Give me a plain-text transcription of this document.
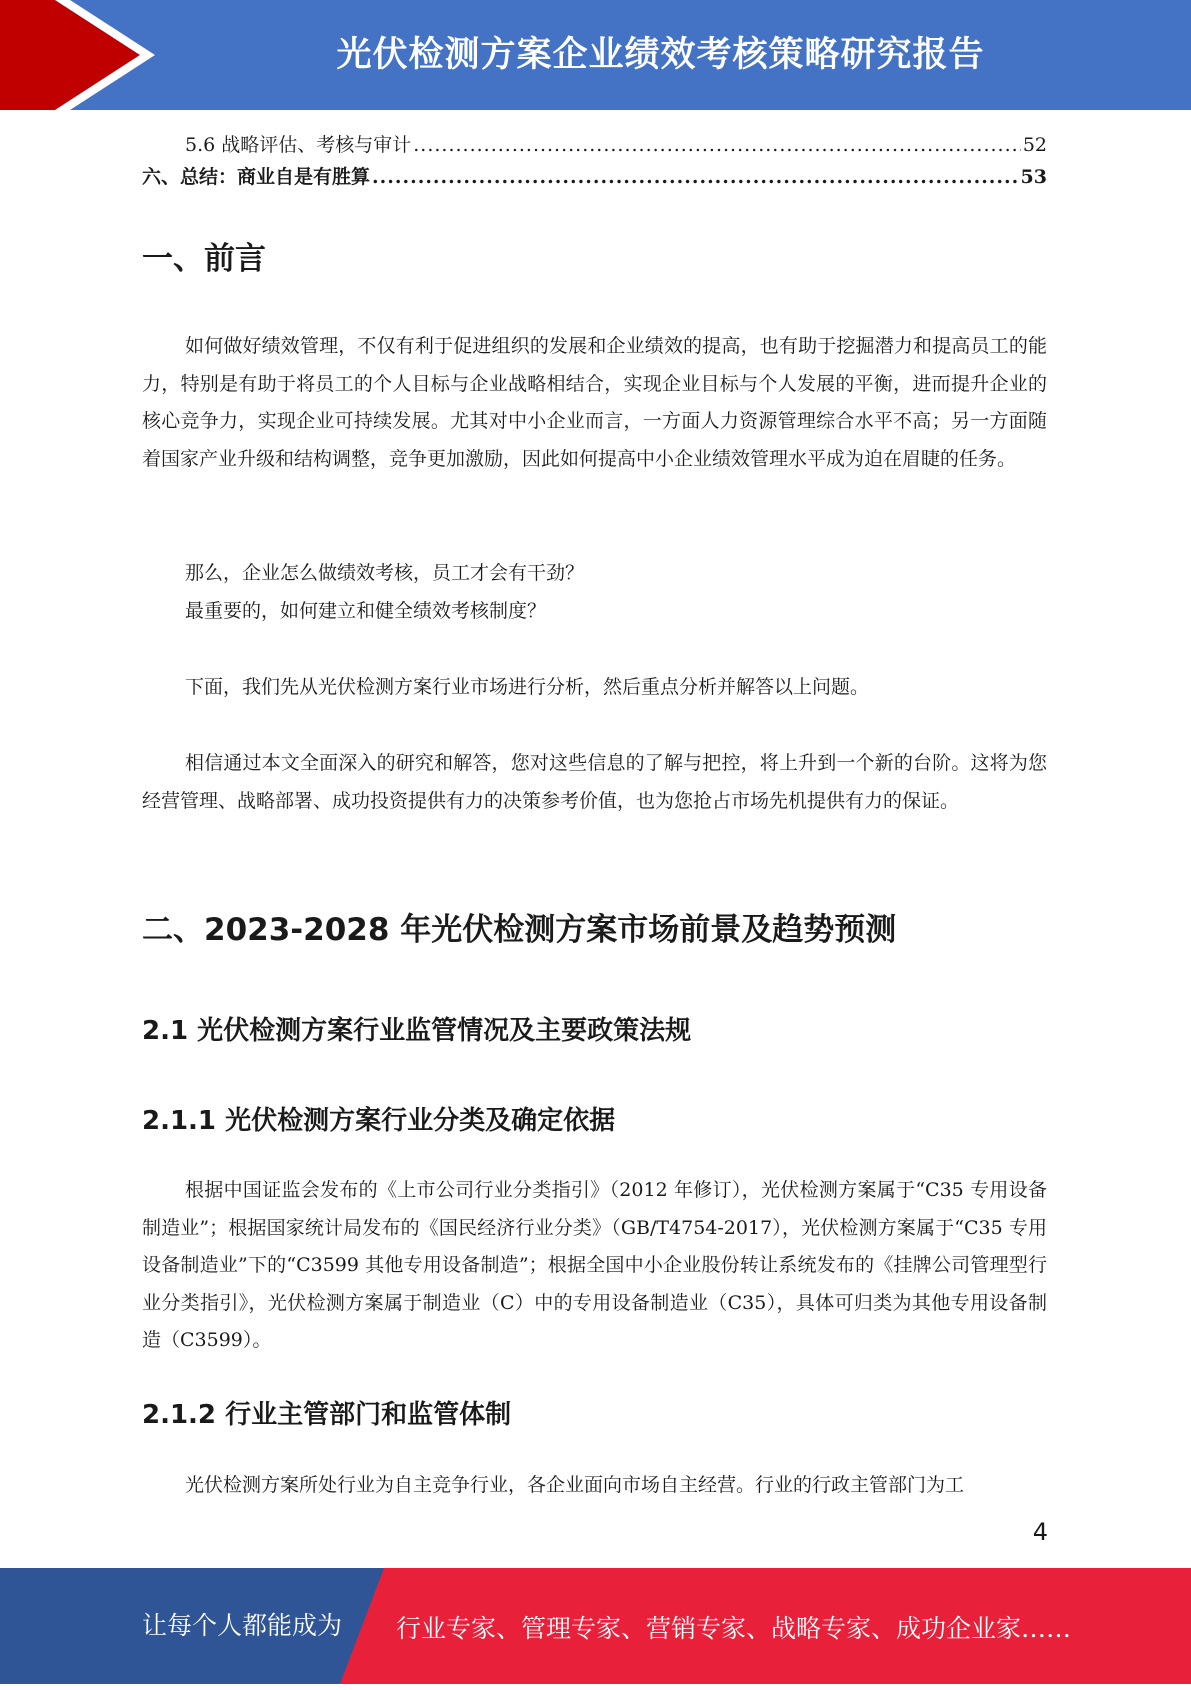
光伏检测方案企业绩效考核策略研究报告
5.6 战略评估、考核与审计 .....	52
六、总结：商业自是有胜算 .....	53
一、前言
如何做好绩效管理，不仅有利于促进组织的发展和企业绩效的提高，也有助于挖掘潜力和提高员工的能力，特别是有助于将员工的个人目标与企业战略相结合，实现企业目标与个人发展的平衡，进而提升企业的核心竞争力，实现企业可持续发展。尤其对中小企业而言，一方面人力资源管理综合水平不高；另一方面随着国家产业升级和结构调整，竞争更加激励，因此如何提高中小企业绩效管理水平成为迫在眉睫的任务。
那么，企业怎么做绩效考核，员工才会有干劲？
最重要的，如何建立和健全绩效考核制度？
下面，我们先从光伏检测方案行业市场进行分析，然后重点分析并解答以上问题。
相信通过本文全面深入的研究和解答，您对这些信息的了解与把控，将上升到一个新的台阶。这将为您经营管理、战略部署、成功投资提供有力的决策参考价值，也为您抢占市场先机提供有力的保证。
二、2023-2028 年光伏检测方案市场前景及趋势预测
2.1 光伏检测方案行业监管情况及主要政策法规
2.1.1 光伏检测方案行业分类及确定依据
根据中国证监会发布的《上市公司行业分类指引》（2012 年修订），光伏检测方案属于“C35 专用设备制造业”；根据国家统计局发布的《国民经济行业分类》（GB/T4754-2017），光伏检测方案属于“C35 专用设备制造业”下的“C3599 其他专用设备制造”；根据全国中小企业股份转让系统发布的《挂牌公司管理型行业分类指引》，光伏检测方案属于制造业（C）中的专用设备制造业（C35），具体可归类为其他专用设备制造（C3599）。
2.1.2 行业主管部门和监管体制
光伏检测方案所处行业为自主竞争行业，各企业面向市场自主经营。行业的行政主管部门为工
4
让每个人都能成为 行业专家、管理专家、营销专家、战略专家、成功企业家……
